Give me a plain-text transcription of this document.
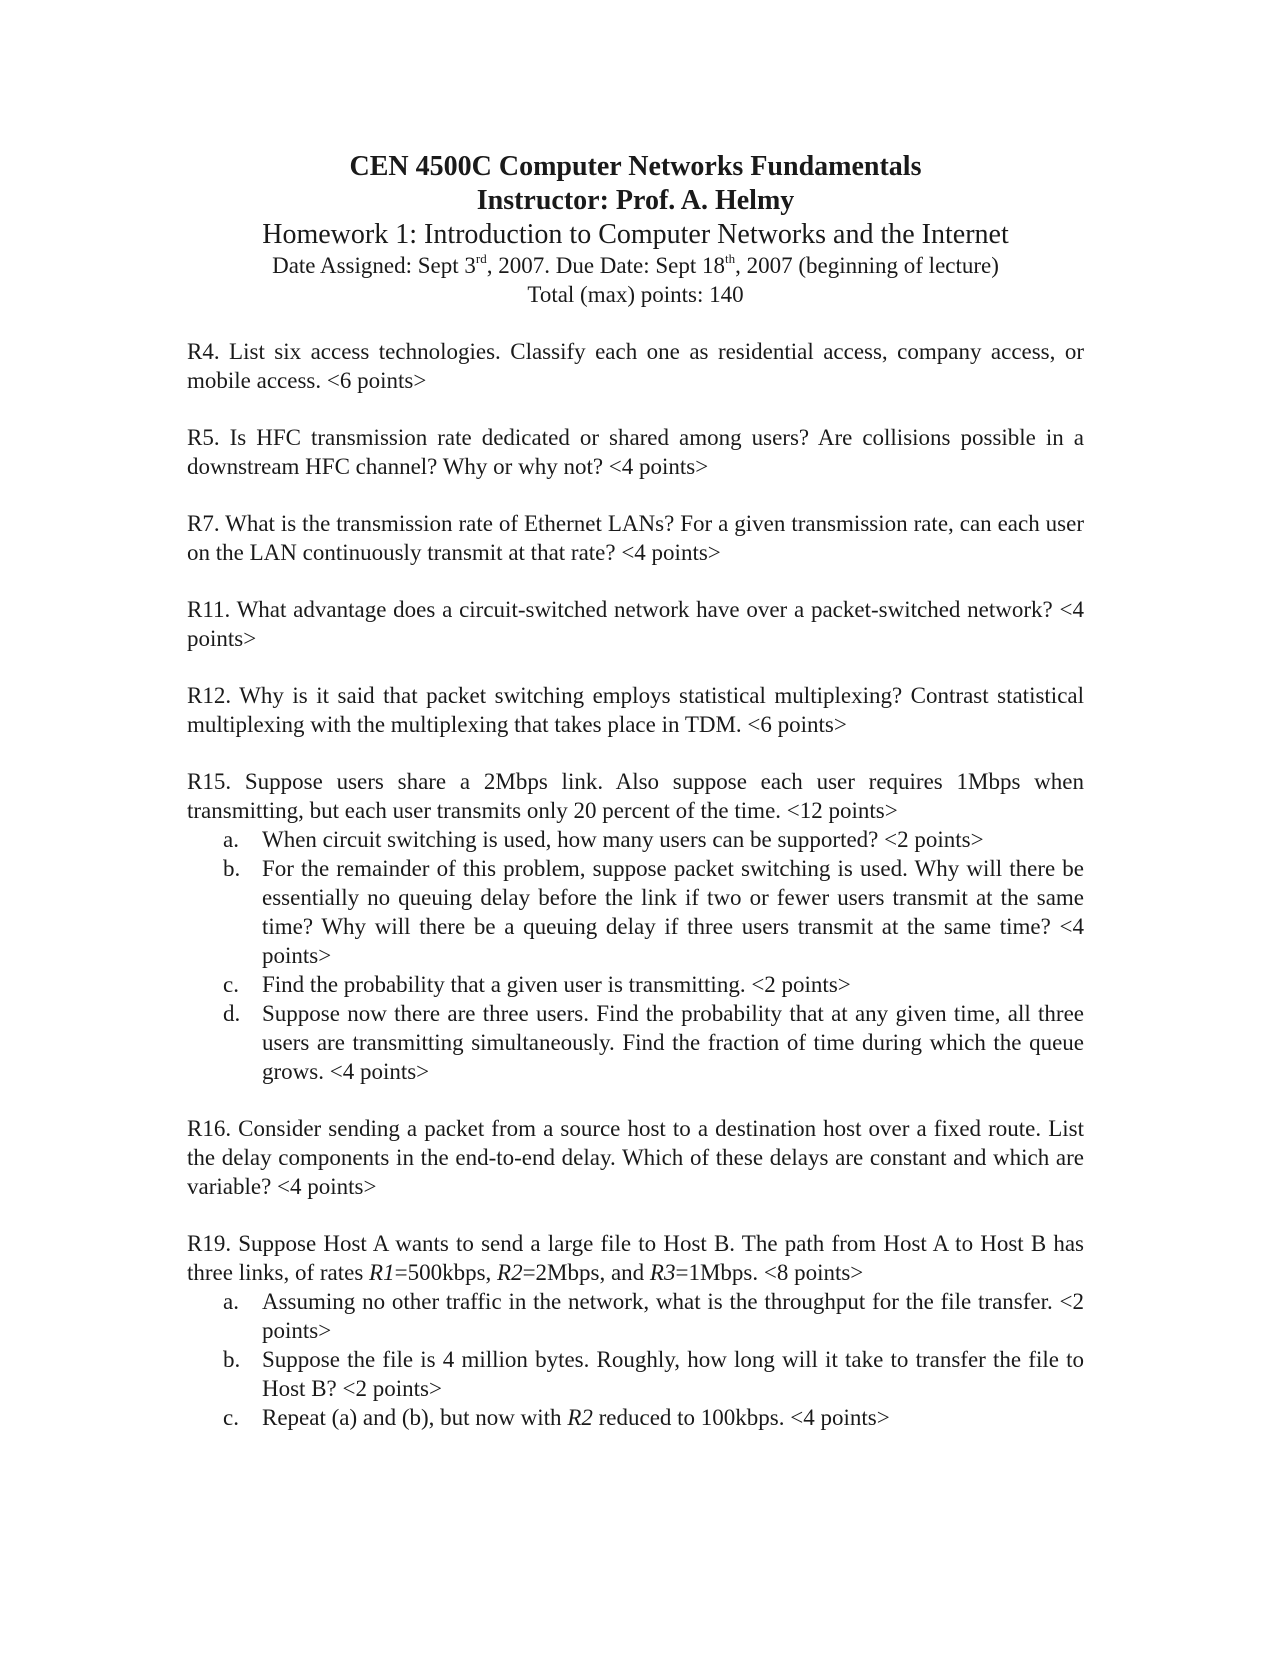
CEN 4500C Computer Networks Fundamentals
Instructor: Prof. A. Helmy
Homework 1: Introduction to Computer Networks and the Internet
Date Assigned: Sept 3rd, 2007. Due Date: Sept 18th, 2007 (beginning of lecture)
Total (max) points: 140

R4. List six access technologies. Classify each one as residential access, company access, or mobile access. <6 points>

R5. Is HFC transmission rate dedicated or shared among users? Are collisions possible in a downstream HFC channel? Why or why not? <4 points>

R7. What is the transmission rate of Ethernet LANs? For a given transmission rate, can each user on the LAN continuously transmit at that rate? <4 points>

R11. What advantage does a circuit-switched network have over a packet-switched network? <4 points>

R12. Why is it said that packet switching employs statistical multiplexing? Contrast statistical multiplexing with the multiplexing that takes place in TDM. <6 points>

R15. Suppose users share a 2Mbps link. Also suppose each user requires 1Mbps when transmitting, but each user transmits only 20 percent of the time. <12 points>

a. When circuit switching is used, how many users can be supported? <2 points>
b. For the remainder of this problem, suppose packet switching is used. Why will there be essentially no queuing delay before the link if two or fewer users transmit at the same time? Why will there be a queuing delay if three users transmit at the same time? <4 points>
c. Find the probability that a given user is transmitting. <2 points>
d. Suppose now there are three users. Find the probability that at any given time, all three users are transmitting simultaneously. Find the fraction of time during which the queue grows. <4 points>

R16. Consider sending a packet from a source host to a destination host over a fixed route. List the delay components in the end-to-end delay. Which of these delays are constant and which are variable? <4 points>

R19. Suppose Host A wants to send a large file to Host B. The path from Host A to Host B has three links, of rates R1=500kbps, R2=2Mbps, and R3=1Mbps. <8 points>

a. Assuming no other traffic in the network, what is the throughput for the file transfer. <2 points>
b. Suppose the file is 4 million bytes. Roughly, how long will it take to transfer the file to Host B? <2 points>
c. Repeat (a) and (b), but now with R2 reduced to 100kbps. <4 points>
